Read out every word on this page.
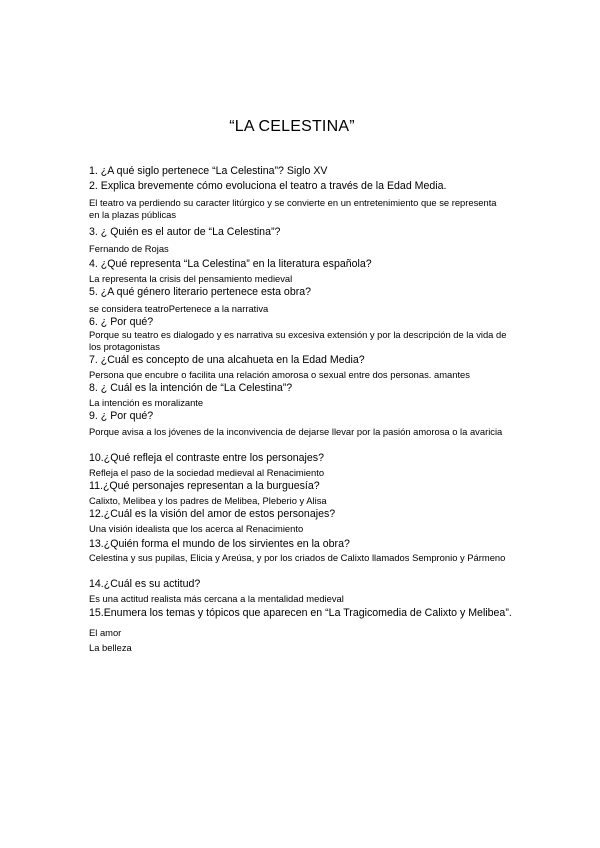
“LA CELESTINA”
1. ¿A qué siglo pertenece “La Celestina”? Siglo XV
2. Explica brevemente cómo evoluciona el teatro a través de la Edad Media.
El teatro va perdiendo su caracter litúrgico y se convierte en un entretenimiento que se representa en la plazas públicas
3. ¿ Quién es el autor de “La Celestina”?
Fernando de Rojas
4. ¿Qué representa “La Celestina” en la literatura española?
La representa la crisis del pensamiento medieval
5. ¿A qué género literario pertenece esta obra?
se considera teatroPertenece a la narrativa
6. ¿ Por qué?
Porque su teatro es dialogado y es narrativa su excesiva extensión y por la descripción de la vida de los protagonistas
7. ¿Cuál es concepto de una alcahueta en la Edad Media?
Persona que encubre o facilita una relación amorosa o sexual entre dos personas. amantes
8. ¿ Cuál es la intención de “La Celestina”?
La intención es moralizante
9. ¿ Por qué?
Porque avisa a los jóvenes de la inconvivencia de dejarse llevar por la pasión amorosa o la avaricia
10.¿Qué refleja el contraste entre los personajes?
Refleja el paso de la sociedad medieval al Renacimiento
11.¿Qué personajes representan a la burguesía?
Calixto, Melibea y los padres de Melibea, Pleberio y Alisa
12.¿Cuál es la visión del amor de estos personajes?
Una visión idealista que los acerca al Renacimiento
13.¿Quién forma el mundo de los sirvientes en la obra?
Celestina y sus pupilas, Elicia y Areúsa, y por los criados de Calixto llamados Sempronio y Pármeno
14.¿Cuál es su actitud?
Es una actitud realista más cercana a la mentalidad medieval
15.Enumera los temas y tópicos que aparecen en “La Tragicomedia de Calixto y Melibea”.
El amor
La belleza
